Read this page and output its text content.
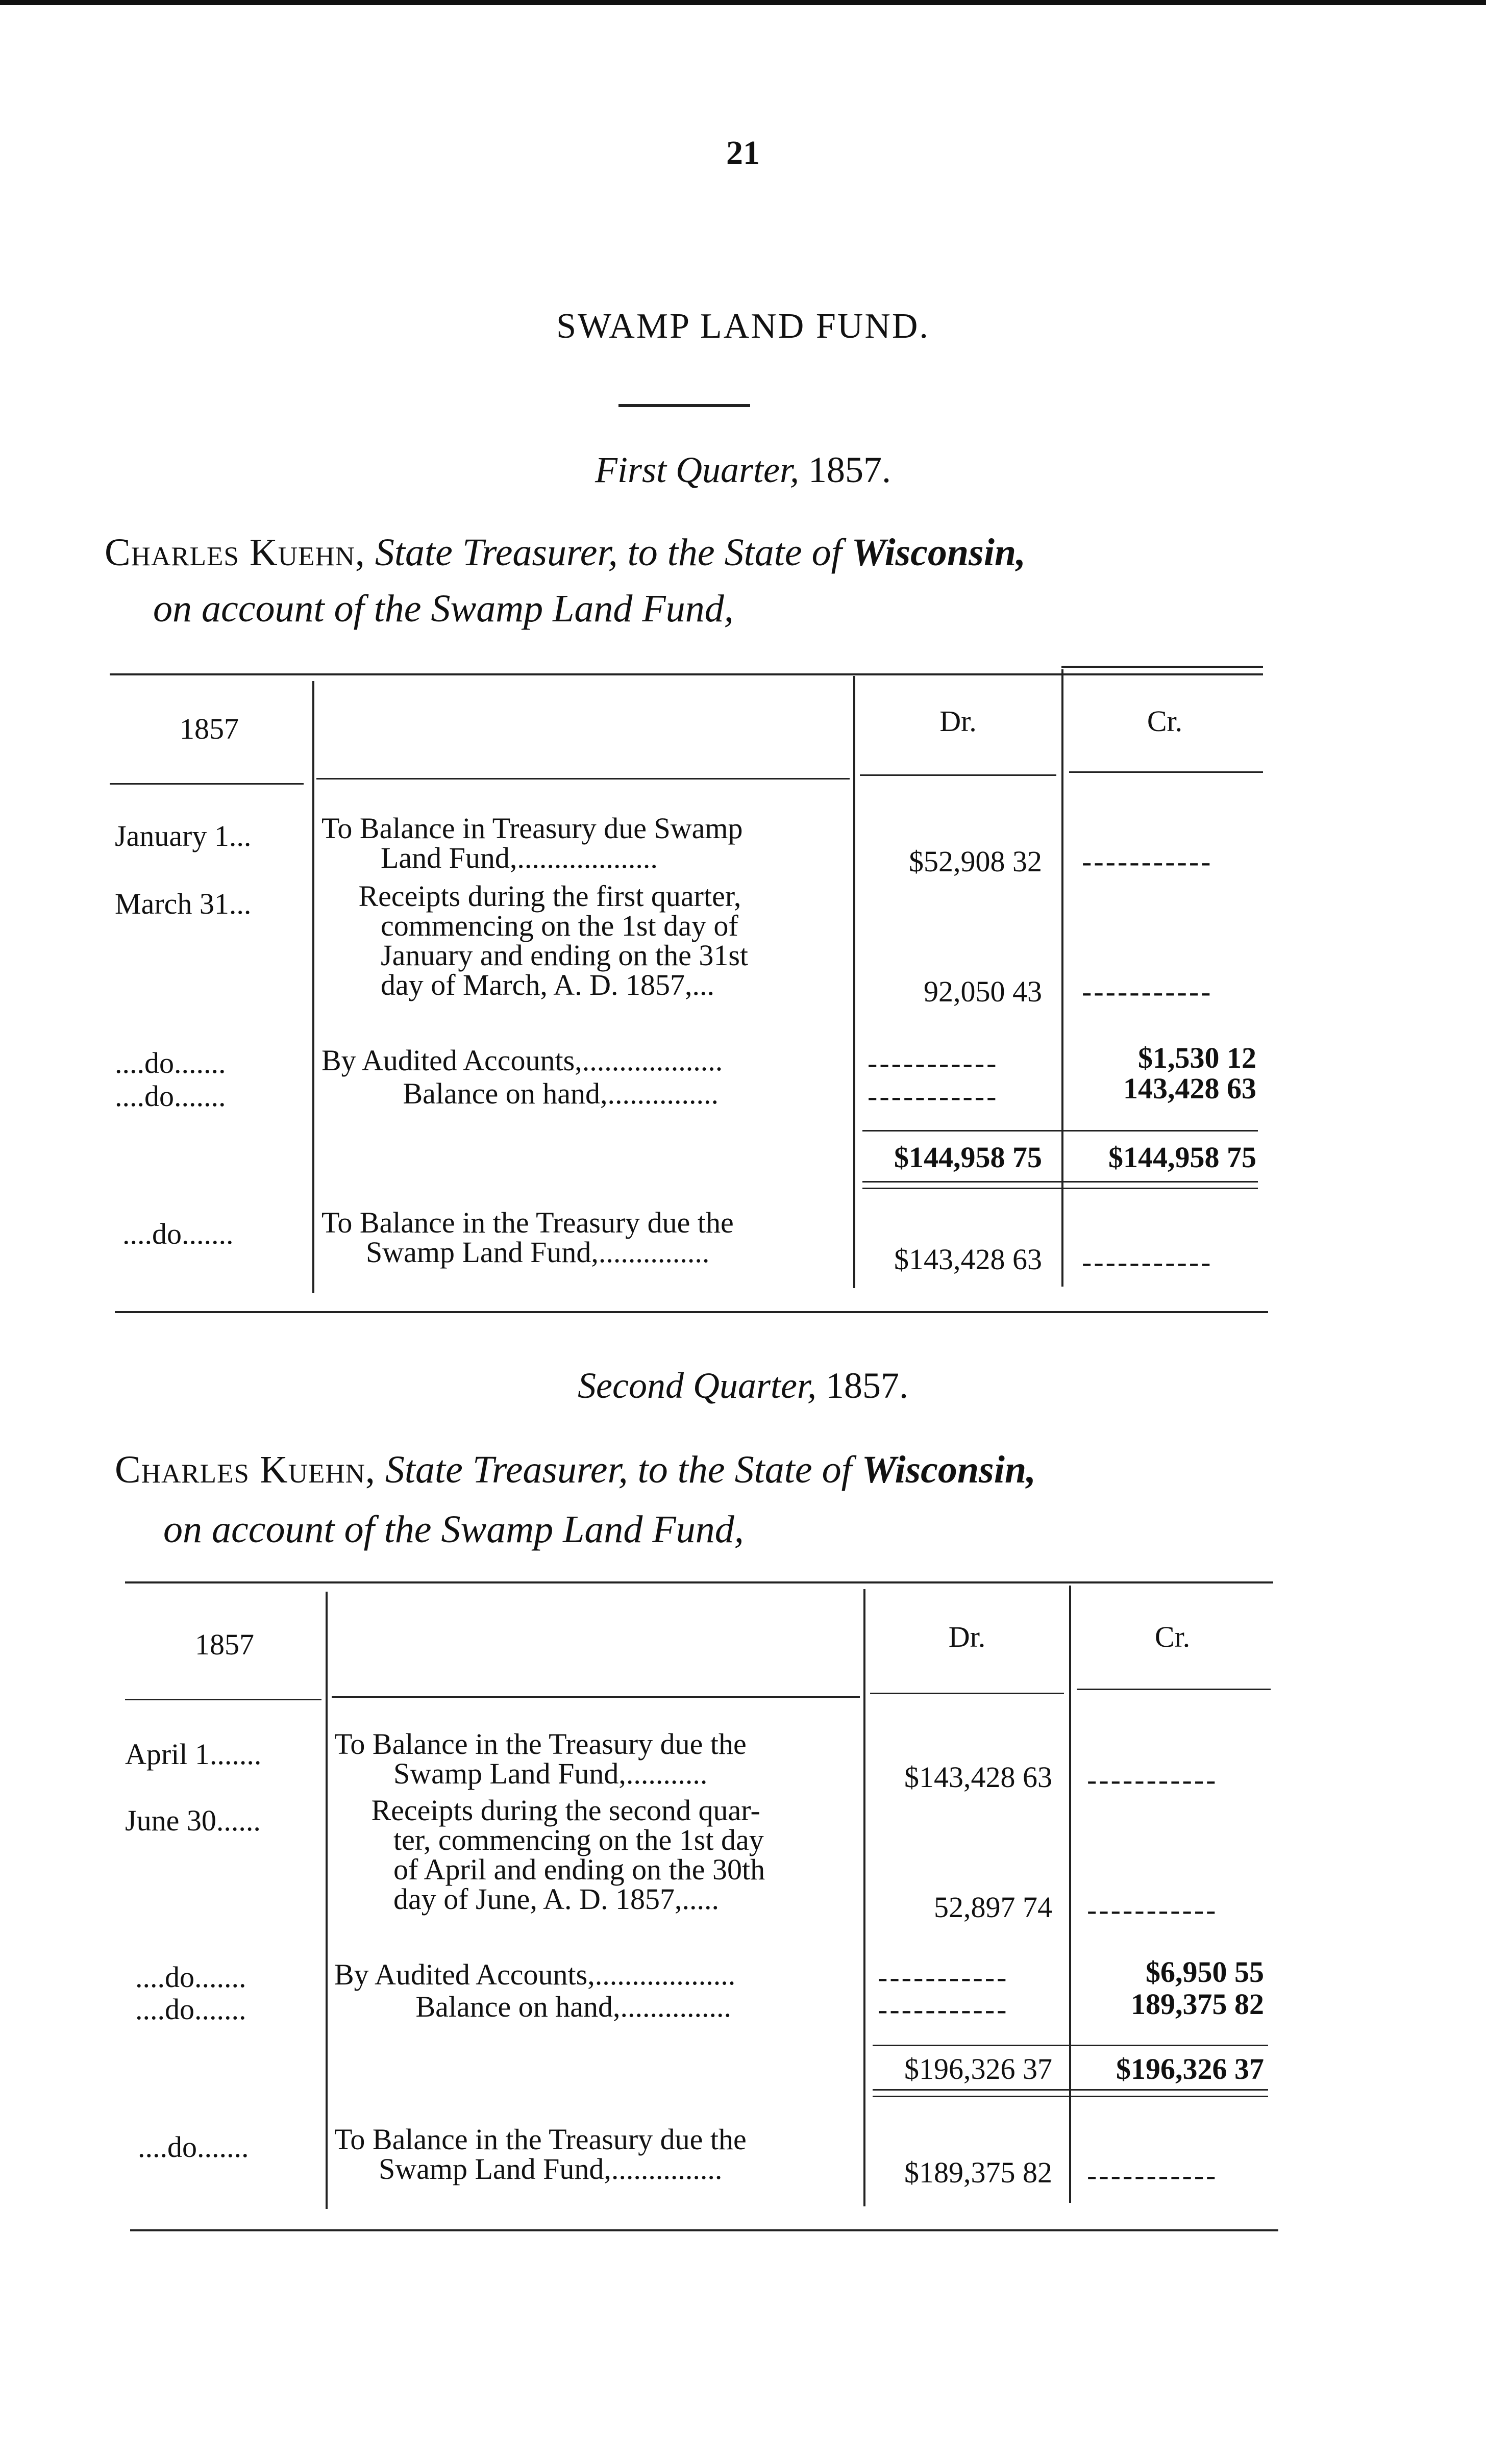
21
SWAMP LAND FUND.
First Quarter, 1857.
Charles Kuehn, State Treasurer, to the State of Wisconsin,
on account of the Swamp Land Fund,
1857	Dr.	Cr.
January 1... To Balance in Treasury due Swamp
Land Fund,...................	$52,908 32 -----------
March 31...	Receipts during the first quarter,
commencing on the 1st day of
January and ending on the 31st
day of March, A. D. 1857,...	92,050 43 -----------
....do.......	By Audited Accounts,...................	-----------	$1,530 12
....do.......	Balance on hand,...............	-----------	143,428 63
$144,958 75 $144,958 75
....do.......	To Balance in the Treasury due the
Swamp Land Fund,...............	$143,428 63 -----------
Second Quarter, 1857.
Charles Kuehn, State Treasurer, to the State of Wisconsin,
on account of the Swamp Land Fund,
1857	Dr.	Cr.
April 1....... To Balance in the Treasury due the
Swamp Land Fund,...........	$143,428 63 -----------
June 30......	Receipts during the second quar-
ter, commencing on the 1st day
of April and ending on the 30th
day of June, A. D. 1857,.....	52,897 74 -----------
....do.......	By Audited Accounts,...................	-----------	$6,950 55
....do.......	Balance on hand,...............	-----------	189,375 82
$196,326 37 $196,326 37
....do.......	To Balance in the Treasury due the
Swamp Land Fund,...............	$189,375 82 -----------
